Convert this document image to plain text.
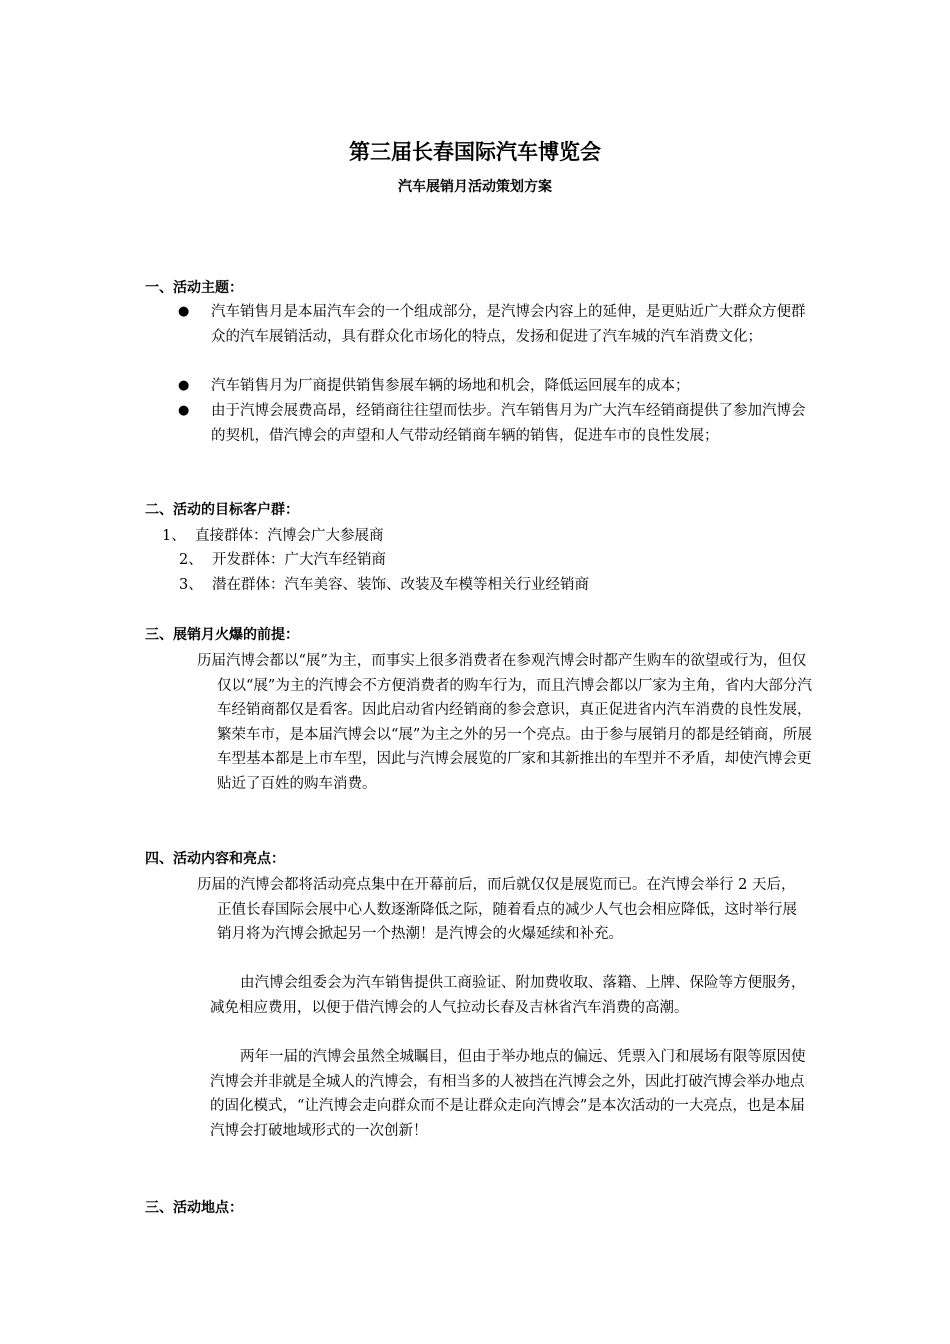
第三届长春国际汽车博览会
汽车展销月活动策划方案
一、活动主题：
● 汽车销售月是本届汽车会的一个组成部分，是汽博会内容上的延伸，是更贴近广大群众方便群众的汽车展销活动，具有群众化市场化的特点，发扬和促进了汽车城的汽车消费文化；
● 汽车销售月为厂商提供销售参展车辆的场地和机会，降低运回展车的成本；
● 由于汽博会展费高昂，经销商往往望而怯步。汽车销售月为广大汽车经销商提供了参加汽博会的契机，借汽博会的声望和人气带动经销商车辆的销售，促进车市的良性发展；
二、活动的目标客户群：
1、 直接群体：汽博会广大参展商
2、 开发群体：广大汽车经销商
3、 潜在群体：汽车美容、装饰、改装及车模等相关行业经销商
三、展销月火爆的前提：
历届汽博会都以“展”为主，而事实上很多消费者在参观汽博会时都产生购车的欲望或行为，但仅仅以“展”为主的汽博会不方便消费者的购车行为，而且汽博会都以厂家为主角，省内大部分汽车经销商都仅是看客。因此启动省内经销商的参会意识，真正促进省内汽车消费的良性发展，繁荣车市，是本届汽博会以“展”为主之外的另一个亮点。由于参与展销月的都是经销商，所展车型基本都是上市车型，因此与汽博会展览的厂家和其新推出的车型并不矛盾，却使汽博会更贴近了百姓的购车消费。
四、活动内容和亮点：
历届的汽博会都将活动亮点集中在开幕前后，而后就仅仅是展览而已。在汽博会举行 2 天后，正值长春国际会展中心人数逐渐降低之际，随着看点的减少人气也会相应降低，这时举行展销月将为汽博会掀起另一个热潮！是汽博会的火爆延续和补充。
由汽博会组委会为汽车销售提供工商验证、附加费收取、落籍、上牌、保险等方便服务，减免相应费用，以便于借汽博会的人气拉动长春及吉林省汽车消费的高潮。
两年一届的汽博会虽然全城瞩目，但由于举办地点的偏远、凭票入门和展场有限等原因使汽博会并非就是全城人的汽博会，有相当多的人被挡在汽博会之外，因此打破汽博会举办地点的固化模式，“让汽博会走向群众而不是让群众走向汽博会”是本次活动的一大亮点，也是本届汽博会打破地域形式的一次创新！
三、活动地点：
